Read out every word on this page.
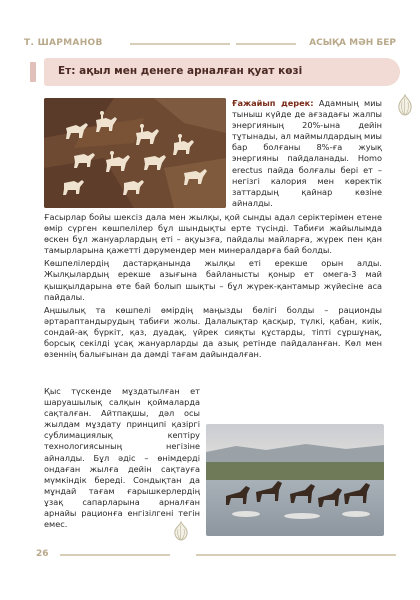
Т. ШАРМАНОВ	АСЫҚА МӘН БЕР
Ет: ақыл мен денеге арналған қуат көзі

Ғажайып дерек: Адамның миы тыныш күйде де ағзадағы жалпы энергияның 20%-ына дейін тұтынады, ал маймылдардың миы бар болғаны 8%-ға жуық энергияны пайдаланады. Homo erectus пайда болғалы бері ет – негізгі калория мен көректік заттардың қайнар көзіне айналды.

Ғасырлар бойы шексіз дала мен жылқы, қой сынды адал серіктерімен етене өмір сүрген көшпелілер бұл шындықты ерте түсінді. Табиғи жайылымда өскен бұл жануарлардың еті – ақуызға, пайдалы майларға, жүрек пен қан тамырларына қажетті дәрумендер мен минералдарға бай болды.

Көшпелілердің дастарқанында жылқы еті ерекше орын алды. Жылқылардың ерекше азығына байланысты қоныр ет омега-3 май қышқылдарына өте бай болып шықты – бұл жүрек-қантамыр жүйесіне аса пайдалы.

Аңшылық та көшпелі өмірдің маңызды бөлігі болды – рационды әртараптандырудың табиғи жолы. Далалықтар қасқыр, түлкі, қабан, киік, сондай-ақ бүркіт, қаз, дуадақ, үйрек сияқты құстарды, тіпті сұршұнақ, борсық секілді ұсақ жануарларды да азық ретінде пайдаланған. Көл мен өзеннің балығынан да дәмді тағам дайындалған.

Қыс түскенде мұздатылған ет шаруашылық салқын қоймаларда сақталған. Айтпақшы, дәл осы жылдам мұздату принципі қазіргі сублимациялық кептіру технологиясының негізіне айналды. Бұл әдіс – өнімдерді ондаған жылға дейін сақтауға мүмкіндік береді. Сондықтан да мұндай тағам ғарышкерлердің ұзақ сапарларына арналған арнайы рационға енгізілгені тегін емес.

26
